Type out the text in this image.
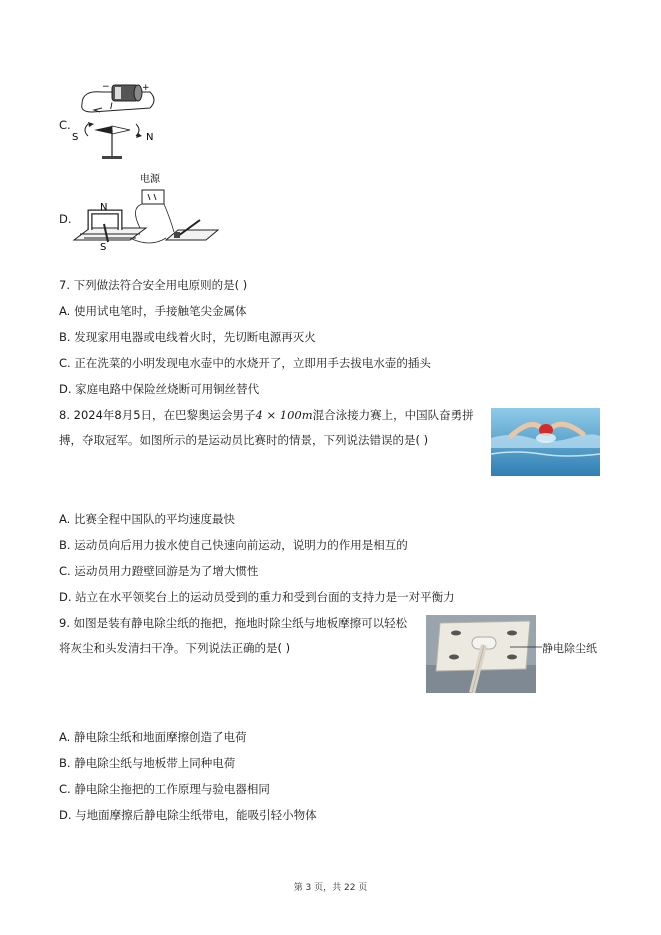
C.
−	+
I
S	N
D.
电源
N
S
7. 下列做法符合安全用电原则的是( )
A. 使用试电笔时，手接触笔尖金属体
B. 发现家用电器或电线着火时，先切断电源再灭火
C. 正在洗菜的小明发现电水壶中的水烧开了，立即用手去拔电水壶的插头
D. 家庭电路中保险丝烧断可用铜丝替代
8. 2024年8月5日，在巴黎奥运会男子4 × 100m混合泳接力赛上，中国队奋勇拼
搏，夺取冠军。如图所示的是运动员比赛时的情景，下列说法错误的是( )
A. 比赛全程中国队的平均速度最快
B. 运动员向后用力拔水使自己快速向前运动，说明力的作用是相互的
C. 运动员用力蹬壁回游是为了增大惯性
D. 站立在水平领奖台上的运动员受到的重力和受到台面的支持力是一对平衡力
9. 如图是装有静电除尘纸的拖把，拖地时除尘纸与地板摩擦可以轻松
将灰尘和头发清扫干净。下列说法正确的是( )	静电除尘纸
A. 静电除尘纸和地面摩擦创造了电荷
B. 静电除尘纸与地板带上同种电荷
C. 静电除尘拖把的工作原理与验电器相同
D. 与地面摩擦后静电除尘纸带电，能吸引轻小物体
第 3 页，共 22 页
